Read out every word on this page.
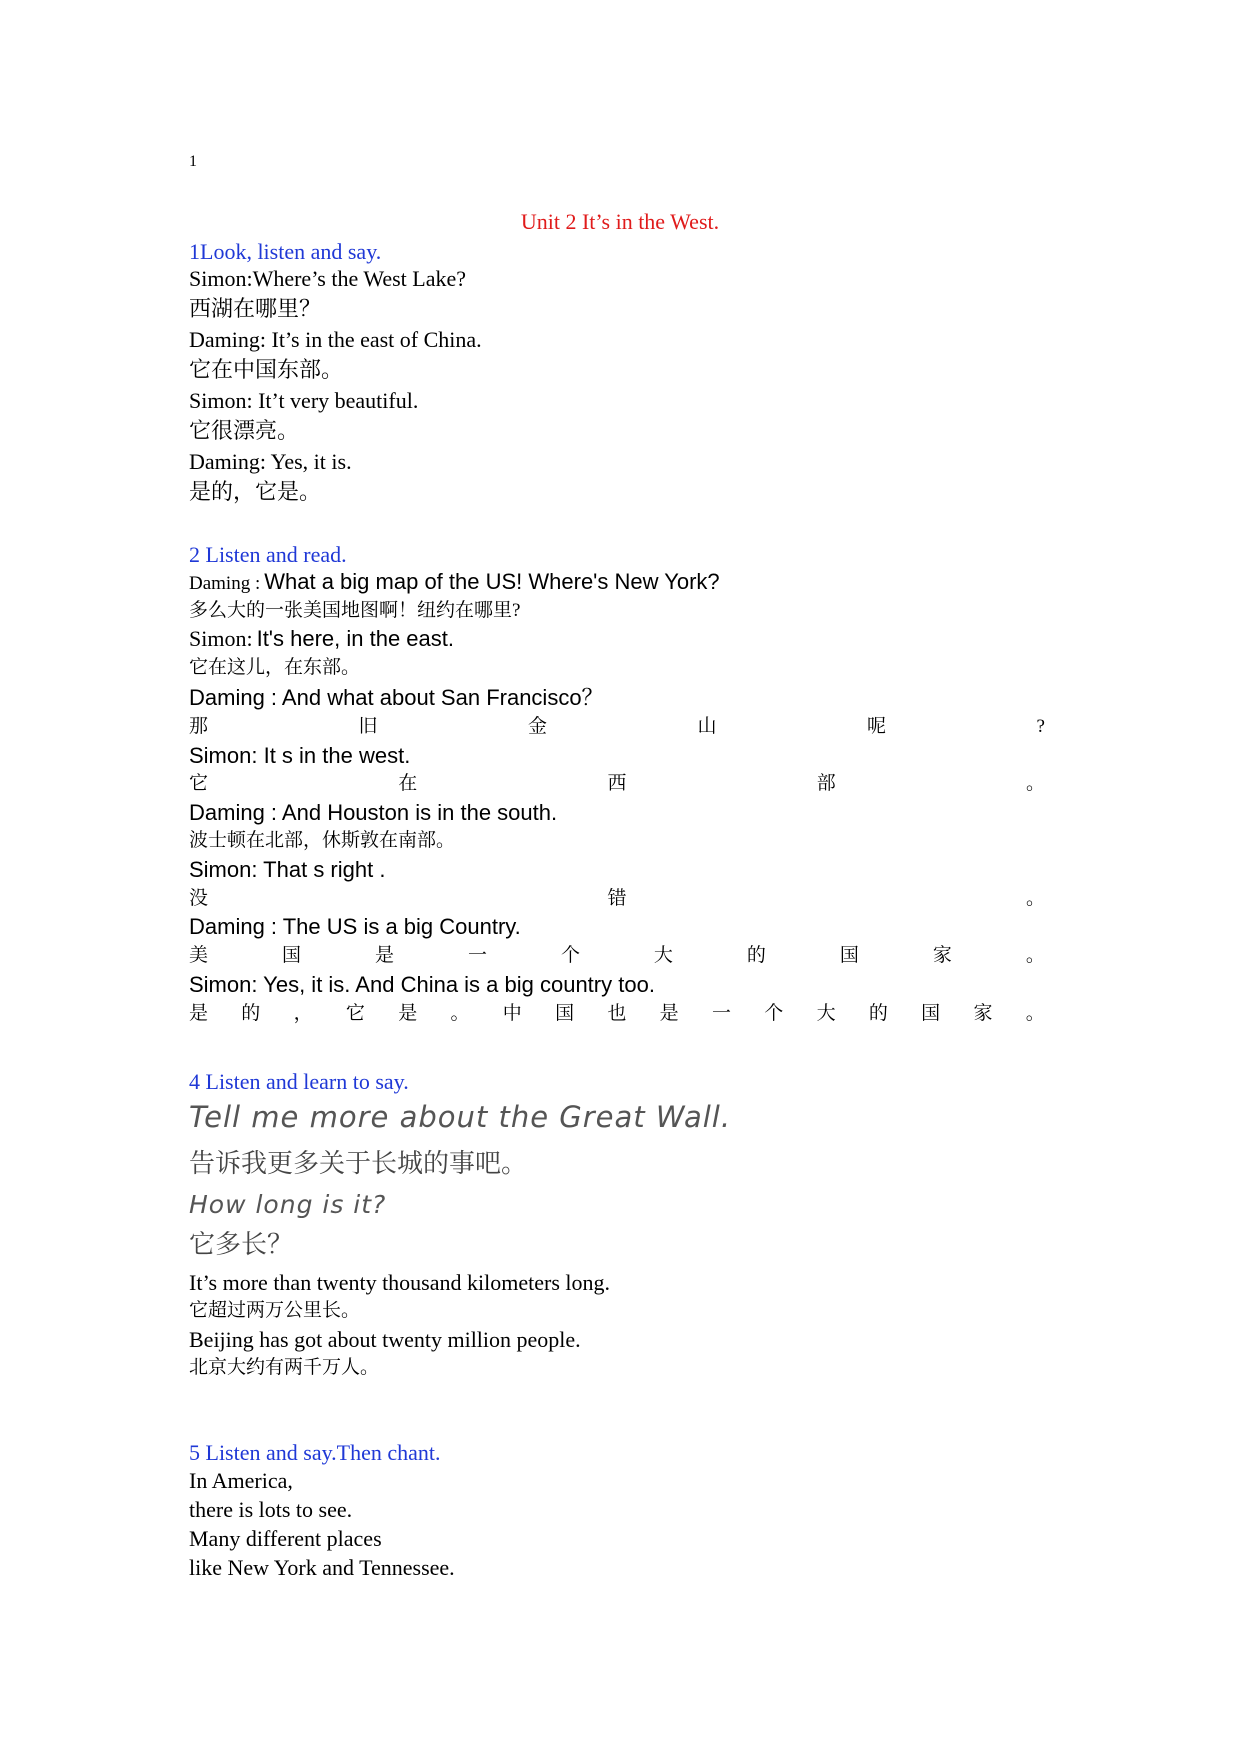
1
Unit 2 It’s in the West.
1Look, listen and say.
Simon:Where’s the West Lake?
西湖在哪里？
Daming: It’s in the east of China.
它在中国东部。
Simon: It’t very beautiful.
它很漂亮。
Daming: Yes, it is.
是的，它是。
2 Listen and read.
Daming : What a big map of the US! Where's New York?
多么大的一张美国地图啊！纽约在哪里?
Simon: It's here, in the east.
它在这儿，在东部。
Daming : And what about San Francisco？
那	旧	金	山	呢	?
Simon: It s in the west.
它	在	西	部	。
Daming : And Houston is in the south.
波士顿在北部，休斯敦在南部。
Simon: That s right .
没	错	。
Daming : The US is a big Country.
美	国	是	一	个	大	的	国	家	。
Simon: Yes, it is. And China is a big country too.
是 的 ， 它 是 。 中 国 也 是 一 个 大 的 国 家 。
4 Listen and learn to say.
Tell me more about the Great Wall.
告诉我更多关于长城的事吧。
How long is it?
它多长？
It’s more than twenty thousand kilometers long.
它超过两万公里长。
Beijing has got about twenty million people.
北京大约有两千万人。
5 Listen and say.Then chant.
In America,
there is lots to see.
Many different places
like New York and Tennessee.
